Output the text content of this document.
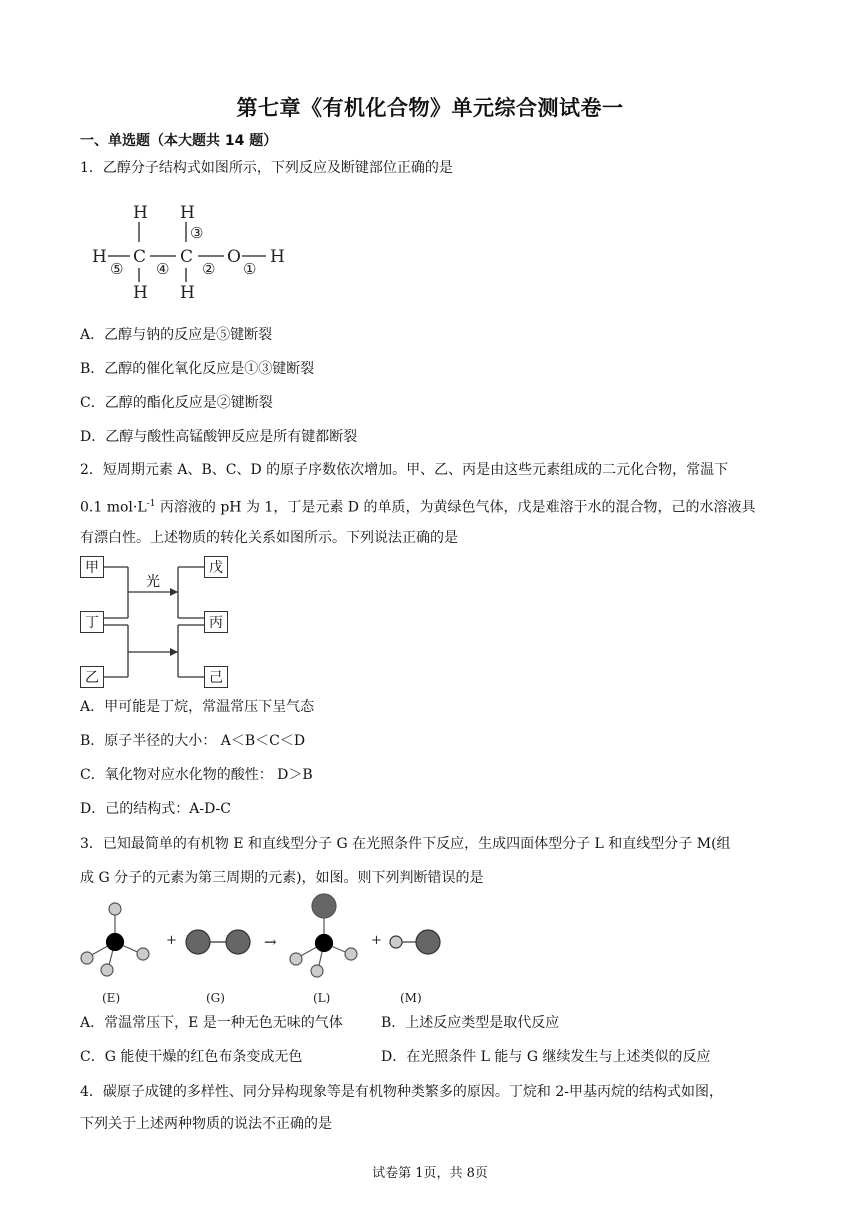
第七章《有机化合物》单元综合测试卷一
一、单选题（本大题共 14 题）
1．乙醇分子结构式如图所示，下列反应及断键部位正确的是
H H
H C C O H
H H
⑤ ④
③
② ①
A．乙醇与钠的反应是⑤键断裂
B．乙醇的催化氧化反应是①③键断裂
C．乙醇的酯化反应是②键断裂
D．乙醇与酸性高锰酸钾反应是所有键都断裂
2．短周期元素 A、B、C、D 的原子序数依次增加。甲、乙、丙是由这些元素组成的二元化合物，常温下
0.1 $mol\cdot L^{-1}$ 丙溶液的 pH 为 1，丁是元素 D 的单质，为黄绿色气体，戊是难溶于水的混合物，己的水溶液具
有漂白性。上述物质的转化关系如图所示。下列说法正确的是
光
甲
丁
乙
戊
丙
己
A．甲可能是丁烷，常温常压下呈气态
B．原子半径的大小： A＜B＜C＜D
C．氧化物对应水化物的酸性： D＞B
D．己的结构式：A-D-C
3．已知最简单的有机物 E 和直线型分子 G 在光照条件下反应，生成四面体型分子 L 和直线型分子 M(组
成 G 分子的元素为第三周期的元素)，如图。则下列判断错误的是
+	→	+
(E)	(G)	(L)	(M)
A．常温常压下，E 是一种无色无味的气体	B．上述反应类型是取代反应
C．G 能使干燥的红色布条变成无色	D．在光照条件 L 能与 G 继续发生与上述类似的反应
4．碳原子成键的多样性、同分异构现象等是有机物种类繁多的原因。丁烷和 2-甲基丙烷的结构式如图，
下列关于上述两种物质的说法不正确的是
试卷第 1页，共 8页
